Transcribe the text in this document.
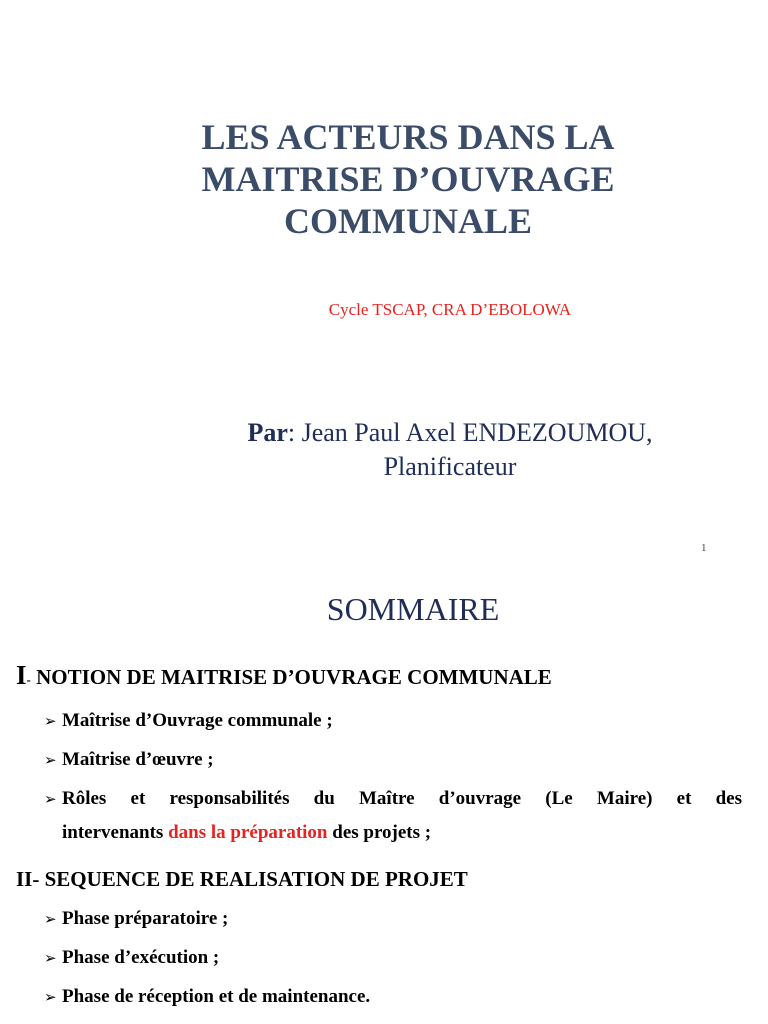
LES ACTEURS DANS LA
MAITRISE D’OUVRAGE
COMMUNALE
Cycle TSCAP, CRA D’EBOLOWA
Par: Jean Paul Axel ENDEZOUMOU,
Planificateur
1
SOMMAIRE
I- NOTION DE MAITRISE D’OUVRAGE COMMUNALE
➢ Maîtrise d’Ouvrage communale ;
➢ Maîtrise d’œuvre ;
➢ Rôles et responsabilités du Maître d’ouvrage (Le Maire) et des
intervenants dans la préparation des projets ;
II- SEQUENCE DE REALISATION DE PROJET
➢ Phase préparatoire ;
➢ Phase d’exécution ;
➢ Phase de réception et de maintenance.
